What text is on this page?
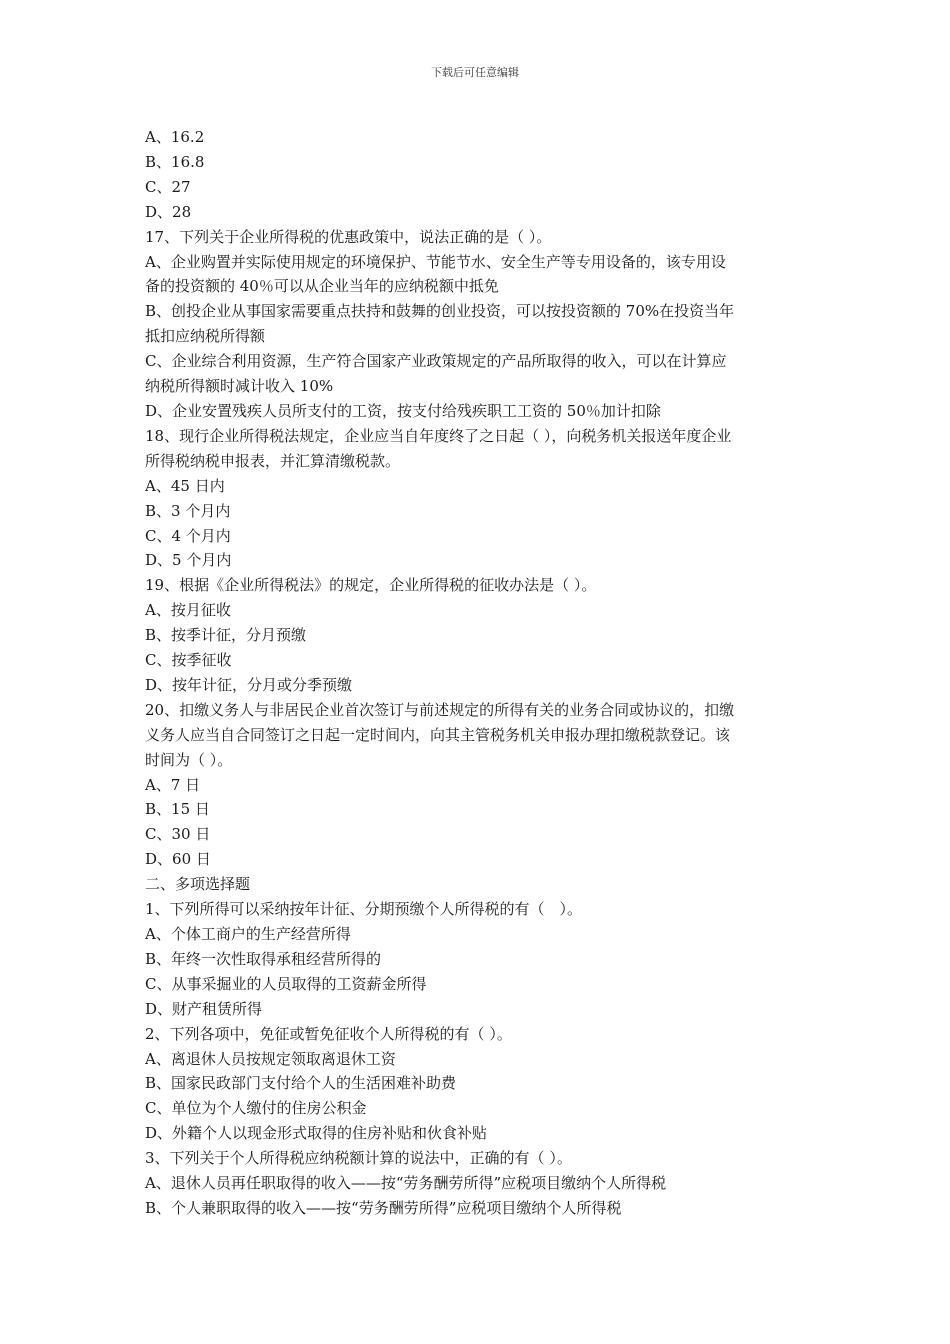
下载后可任意编辑
A、16.2
B、16.8
C、27
D、28
17、下列关于企业所得税的优惠政策中，说法正确的是（ ）。
A、企业购置并实际使用规定的环境保护、节能节水、安全生产等专用设备的，该专用设
备的投资额的 40％可以从企业当年的应纳税额中抵免
B、创投企业从事国家需要重点扶持和鼓舞的创业投资，可以按投资额的 70%在投资当年
抵扣应纳税所得额
C、企业综合利用资源，生产符合国家产业政策规定的产品所取得的收入，可以在计算应
纳税所得额时减计收入 10%
D、企业安置残疾人员所支付的工资，按支付给残疾职工工资的 50％加计扣除
18、现行企业所得税法规定，企业应当自年度终了之日起（ ），向税务机关报送年度企业
所得税纳税申报表，并汇算清缴税款。
A、45 日内
B、3 个月内
C、4 个月内
D、5 个月内
19、根据《企业所得税法》的规定，企业所得税的征收办法是（ ）。
A、按月征收
B、按季计征，分月预缴
C、按季征收
D、按年计征，分月或分季预缴
20、扣缴义务人与非居民企业首次签订与前述规定的所得有关的业务合同或协议的，扣缴
义务人应当自合同签订之日起一定时间内，向其主管税务机关申报办理扣缴税款登记。该
时间为（ ）。
A、7 日
B、15 日
C、30 日
D、60 日
二、多项选择题
1、下列所得可以采纳按年计征、分期预缴个人所得税的有（　）。
A、个体工商户的生产经营所得
B、年终一次性取得承租经营所得的
C、从事采掘业的人员取得的工资薪金所得
D、财产租赁所得
2、下列各项中，免征或暂免征收个人所得税的有（ ）。
A、离退休人员按规定领取离退休工资
B、国家民政部门支付给个人的生活困难补助费
C、单位为个人缴付的住房公积金
D、外籍个人以现金形式取得的住房补贴和伙食补贴
3、下列关于个人所得税应纳税额计算的说法中，正确的有（ ）。
A、退休人员再任职取得的收入——按“劳务酬劳所得”应税项目缴纳个人所得税
B、个人兼职取得的收入——按“劳务酬劳所得”应税项目缴纳个人所得税
